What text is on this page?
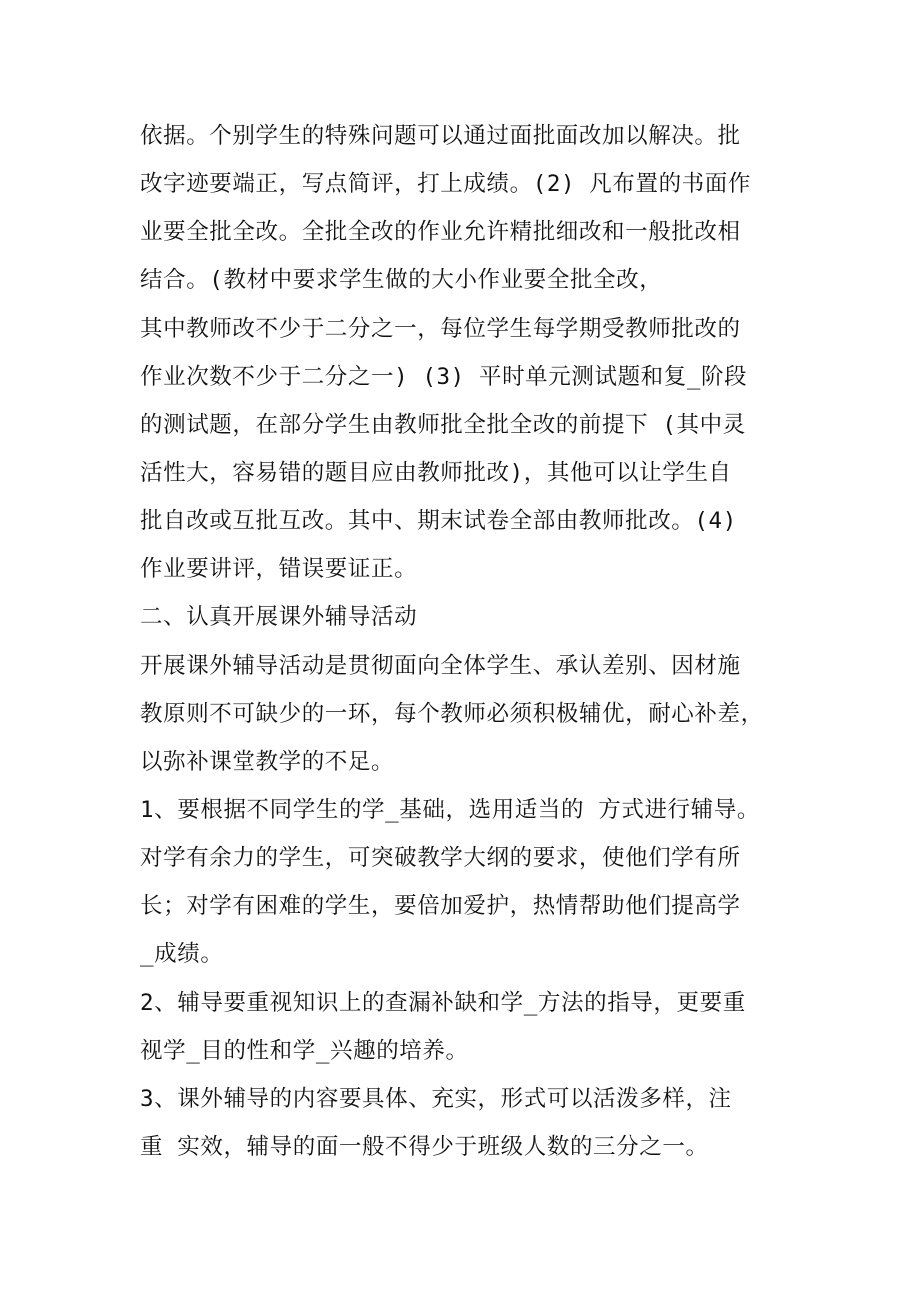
依据。个别学生的特殊问题可以通过面批面改加以解决。批
改字迹要端正，写点简评，打上成绩。(2) 凡布置的书面作
业要全批全改。全批全改的作业允许精批细改和一般批改相
结合。(教材中要求学生做的大小作业要全批全改，
其中教师改不少于二分之一，每位学生每学期受教师批改的
作业次数不少于二分之一) (3) 平时单元测试题和复_阶段
的测试题，在部分学生由教师批全批全改的前提下 (其中灵
活性大，容易错的题目应由教师批改)，其他可以让学生自
批自改或互批互改。其中、期末试卷全部由教师批改。(4)
作业要讲评，错误要证正。
二、认真开展课外辅导活动
开展课外辅导活动是贯彻面向全体学生、承认差别、因材施
教原则不可缺少的一环，每个教师必须积极辅优，耐心补差，
以弥补课堂教学的不足。
1、要根据不同学生的学_基础，选用适当的 方式进行辅导。
对学有余力的学生，可突破教学大纲的要求，使他们学有所
长；对学有困难的学生，要倍加爱护，热情帮助他们提高学
_成绩。
2、辅导要重视知识上的查漏补缺和学_方法的指导，更要重
视学_目的性和学_兴趣的培养。
3、课外辅导的内容要具体、充实，形式可以活泼多样，注
重 实效，辅导的面一般不得少于班级人数的三分之一。
